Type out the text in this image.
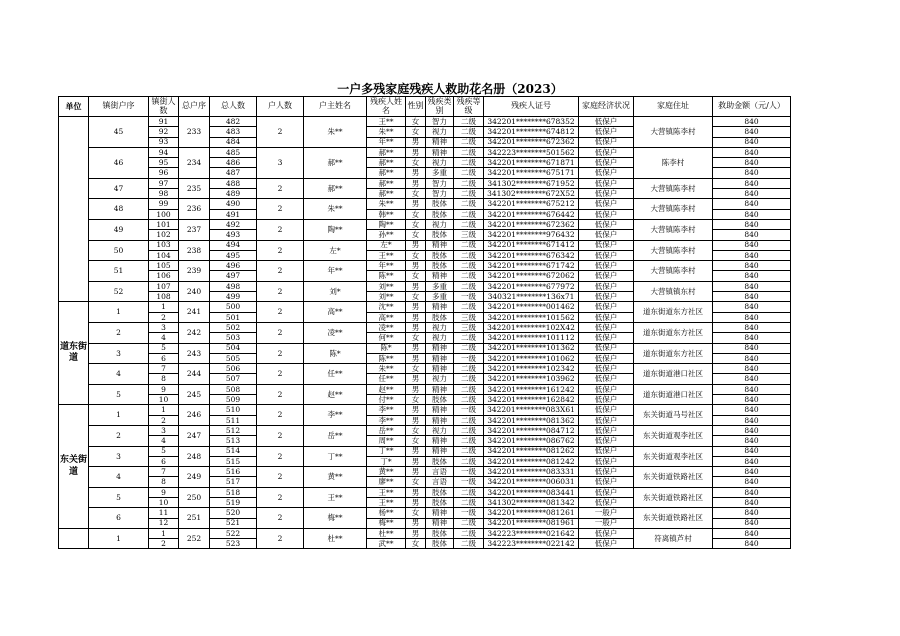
一户多残家庭残疾人救助花名册（2023）
单位	镇街户序	镇街人数	总户序	总人数	户人数	户主姓名	残疾人姓名	性别	残疾类别	残疾等级	残疾人证号	家庭经济状况	家庭住址	救助金额（元/人）
	45	91	233	482	2	朱**	王**	女	智力	二级	342201********678352	低保户	大营镇陈李村	840
		92		483			朱**	女	视力	二级	342201********674812	低保户		840
		93		484			年**	男	精神	二级	342201********672362	低保户		840
	46	94	234	485	3	郝**	郝**	男	精神	二级	342223********501562	低保户	陈李村	840
		95		486			郝**	女	视力	二级	342201********671871	低保户		840
		96		487			郝**	男	多重	二级	342201********675171	低保户		840
	47	97	235	488	2	郝**	郝**	男	智力	二级	341302********671952	低保户	大营镇陈李村	840
		98		489			郝**	女	智力	二级	341302********672X52	低保户		840
	48	99	236	490	2	朱**	朱**	男	肢体	二级	342201********675212	低保户	大营镇陈李村	840
		100		491			韩**	女	肢体	二级	342201********676442	低保户		840
	49	101	237	492	2	陶**	陶**	女	视力	二级	342201********672362	低保户	大营镇陈李村	840
		102		493			孙**	女	肢体	三级	342201********976432	低保户		840
	50	103	238	494	2	左*	左*	男	精神	二级	342201********671412	低保户	大营镇陈李村	840
		104		495			王**	女	肢体	二级	342201********676342	低保户		840
	51	105	239	496	2	年**	年**	男	肢体	二级	342201********671742	低保户	大营镇陈李村	840
		106		497			陈**	女	精神	二级	342201********672062	低保户		840
	52	107	240	498	2	刘*	刘**	男	多重	二级	342201********677972	低保户	大营镇镇东村	840
		108		499			刘**	女	多重	一级	340321********136x71	低保户		840
道东街道	1	1	241	500	2	高**	沈**	男	精神	二级	342201********001462	低保户	道东街道东方社区	840
		2		501			高**	男	肢体	三级	342201********101562	低保户		840
	2	3	242	502	2	凌**	凌**	男	视力	三级	342201********102X42	低保户	道东街道东方社区	840
		4		503			何**	女	视力	二级	342201********101112	低保户		840
	3	5	243	504	2	陈*	陈*	男	精神	二级	342201********101362	低保户	道东街道东方社区	840
		6		505			陈**	男	精神	一级	342201********101062	低保户		840
	4	7	244	506	2	任**	朱**	女	精神	二级	342201********102342	低保户	道东街道港口社区	840
		8		507			任**	男	视力	二级	342201********103962	低保户		840
	5	9	245	508	2	赵**	赵**	男	精神	二级	342201********161242	低保户	道东街道港口社区	840
		10		509			付**	女	肢体	二级	342201********162842	低保户		840
东关街道	1	1	246	510	2	李**	李**	男	精神	一级	342201********083X61	低保户	东关街道马号社区	840
		2		511			李**	男	精神	二级	342201********081362	低保户		840
	2	3	247	512	2	岳**	岳**	女	视力	二级	342201********084712	低保户	东关街道观李社区	840
		4		513			周**	女	精神	二级	342201********086762	低保户		840
	3	5	248	514	2	丁**	丁**	男	精神	二级	342201********081262	低保户	东关街道观李社区	840
		6		515			丁*	男	肢体	二级	342201********081242	低保户		840
	4	7	249	516	2	黄**	黄**	男	言语	一级	342201********083331	低保户	东关街道铁路社区	840
		8		517			廖**	女	言语	一级	342201********006031	低保户		840
	5	9	250	518	2	王**	王**	男	肢体	二级	342201********083441	低保户	东关街道铁路社区	840
		10		519			王**	男	肢体	二级	341302********081342	低保户		840
	6	11	251	520	2	梅**	杨**	女	精神	一级	342201********081261	一般户	东关街道铁路社区	840
		12		521			梅**	男	精神	二级	342201********081961	一般户		840
	1	1	252	522	2	杜**	杜**	男	肢体	二级	342223********021642	低保户	符离镇芦村	840
		2		523			武**	女	肢体	二级	342223********022142	低保户		840
